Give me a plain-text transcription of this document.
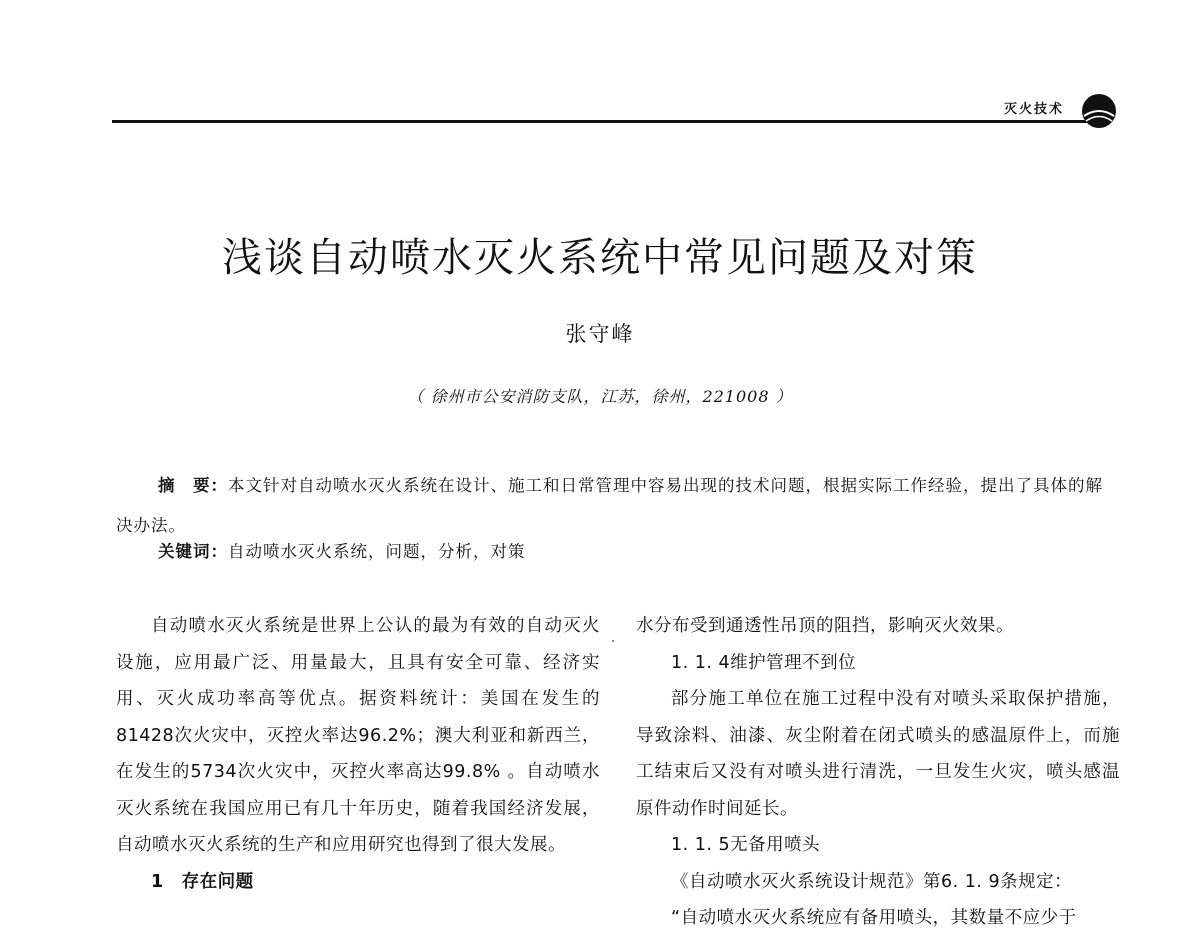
灭火技术
浅谈自动喷水灭火系统中常见问题及对策
张守峰
（ 徐州市公安消防支队，江苏，徐州，221008 ）
摘　要：本文针对自动喷水灭火系统在设计、施工和日常管理中容易出现的技术问题，根据实际工作经验，提出了具体的解决办法。
关键词：自动喷水灭火系统，问题，分析，对策

自动喷水灭火系统是世界上公认的最为有效的自动灭火设施，应用最广泛、用量最大，且具有安全可靠、经济实用、灭火成功率高等优点。据资料统计：美国在发生的81428次火灾中，灭控火率达96.2%；澳大利亚和新西兰，在发生的5734次火灾中，灭控火率高达99.8% 。自动喷水灭火系统在我国应用已有几十年历史，随着我国经济发展，自动喷水灭火系统的生产和应用研究也得到了很大发展。

1　存在问题

水分布受到通透性吊顶的阻挡，影响灭火效果。

1. 1. 4维护管理不到位

部分施工单位在施工过程中没有对喷头采取保护措施，导致涂料、油漆、灰尘附着在闭式喷头的感温原件上，而施工结束后又没有对喷头进行清洗，一旦发生火灾，喷头感温原件动作时间延长。

1. 1. 5无备用喷头

《自动喷水灭火系统设计规范》第6. 1. 9条规定：

“自动喷水灭火系统应有备用喷头，其数量不应少于
